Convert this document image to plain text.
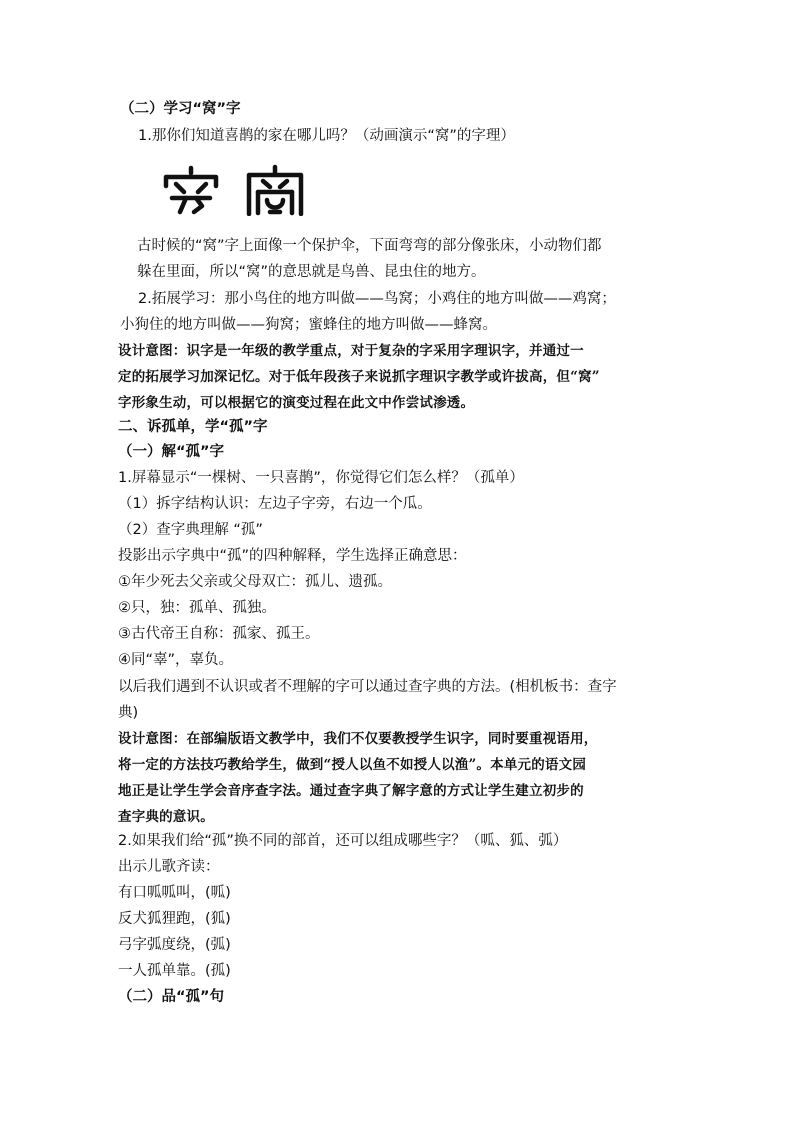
（二）学习“窝”字
1.那你们知道喜鹊的家在哪儿吗？（动画演示“窝”的字理）
古时候的“窝”字上面像一个保护伞，下面弯弯的部分像张床，小动物们都
躲在里面，所以“窝”的意思就是鸟兽、昆虫住的地方。
2.拓展学习：那小鸟住的地方叫做——鸟窝；小鸡住的地方叫做——鸡窝；
小狗住的地方叫做——狗窝；蜜蜂住的地方叫做——蜂窝。
设计意图：识字是一年级的教学重点，对于复杂的字采用字理识字，并通过一
定的拓展学习加深记忆。对于低年段孩子来说抓字理识字教学或许拔高，但“窝”
字形象生动，可以根据它的演变过程在此文中作尝试渗透。
二、诉孤单，学“孤”字
（一）解“孤”字
1.屏幕显示“一棵树、一只喜鹊”，你觉得它们怎么样？（孤单）
（1）拆字结构认识：左边子字旁，右边一个瓜。
（2）查字典理解 “孤”
投影出示字典中“孤”的四种解释，学生选择正确意思：
①年少死去父亲或父母双亡：孤儿、遗孤。
②只，独：孤单、孤独。
③古代帝王自称：孤家、孤王。
④同“辜”，辜负。
以后我们遇到不认识或者不理解的字可以通过查字典的方法。(相机板书：查字
典)
设计意图：在部编版语文教学中，我们不仅要教授学生识字，同时要重视语用，
将一定的方法技巧教给学生，做到“授人以鱼不如授人以渔”。本单元的语文园
地正是让学生学会音序查字法。通过查字典了解字意的方式让学生建立初步的
查字典的意识。
2.如果我们给“孤”换不同的部首，还可以组成哪些字？（呱、狐、弧）
出示儿歌齐读：
有口呱呱叫，(呱)
反犬狐狸跑，(狐)
弓字弧度绕，(弧)
一人孤单靠。(孤)
（二）品“孤”句
